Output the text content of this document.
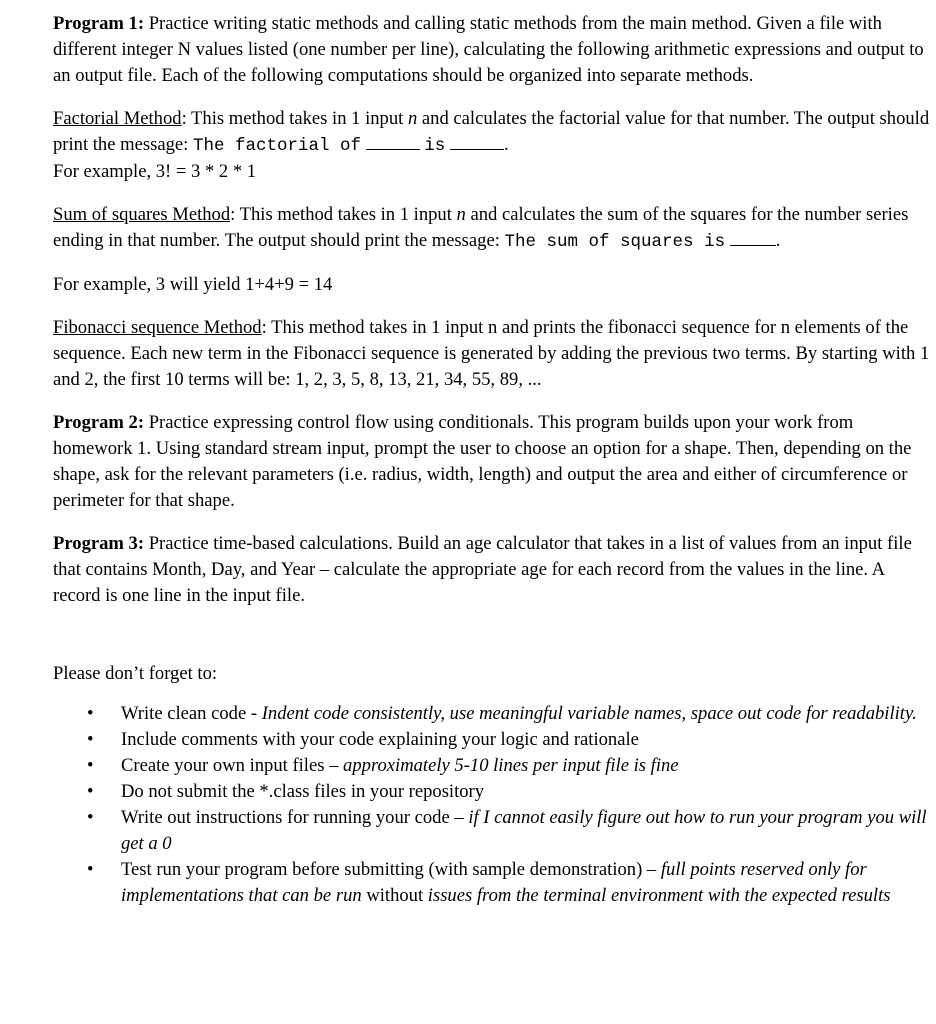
Program 1: Practice writing static methods and calling static methods from the main method. Given a file with different integer N values listed (one number per line), calculating the following arithmetic expressions and output to an output file. Each of the following computations should be organized into separate methods.

Factorial Method: This method takes in 1 input n and calculates the factorial value for that number. The output should print the message: The factorial of	is	.

For example, 3! = 3 * 2 * 1

Sum of squares Method: This method takes in 1 input n and calculates the sum of the squares for the number series ending in that number. The output should print the message: The sum of squares is	.

For example, 3 will yield 1+4+9 = 14

Fibonacci sequence Method: This method takes in 1 input n and prints the fibonacci sequence for n elements of the sequence. Each new term in the Fibonacci sequence is generated by adding the previous two terms. By starting with 1 and 2, the first 10 terms will be: 1, 2, 3, 5, 8, 13, 21, 34, 55, 89, ...

Program 2: Practice expressing control flow using conditionals. This program builds upon your work from homework 1. Using standard stream input, prompt the user to choose an option for a shape. Then, depending on the shape, ask for the relevant parameters (i.e. radius, width, length) and output the area and either of circumference or perimeter for that shape.

Program 3: Practice time-based calculations. Build an age calculator that takes in a list of values from an input file that contains Month, Day, and Year – calculate the appropriate age for each record from the values in the line. A record is one line in the input file.

Please don’t forget to:

• Write clean code - Indent code consistently, use meaningful variable names, space out code for readability.
• Include comments with your code explaining your logic and rationale
• Create your own input files – approximately 5-10 lines per input file is fine
• Do not submit the *.class files in your repository
• Write out instructions for running your code – if I cannot easily figure out how to run your program you will get a 0
• Test run your program before submitting (with sample demonstration) – full points reserved only for implementations that can be run without issues from the terminal environment with the expected results
